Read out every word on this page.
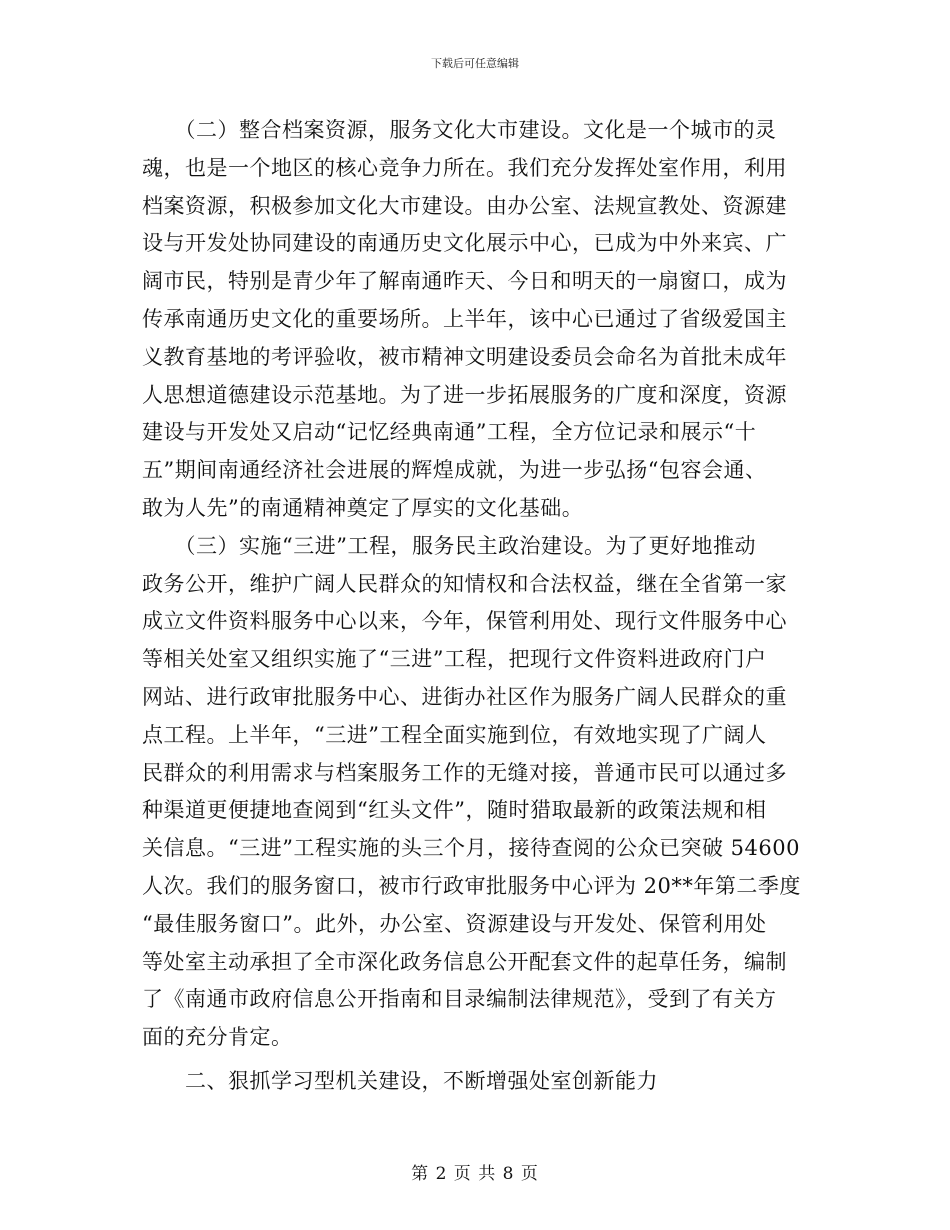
下载后可任意编辑
　　（二）整合档案资源，服务文化大市建设。文化是一个城市的灵
魂，也是一个地区的核心竞争力所在。我们充分发挥处室作用，利用
档案资源，积极参加文化大市建设。由办公室、法规宣教处、资源建
设与开发处协同建设的南通历史文化展示中心，已成为中外来宾、广
阔市民，特别是青少年了解南通昨天、今日和明天的一扇窗口，成为
传承南通历史文化的重要场所。上半年，该中心已通过了省级爱国主
义教育基地的考评验收，被市精神文明建设委员会命名为首批未成年
人思想道德建设示范基地。为了进一步拓展服务的广度和深度，资源
建设与开发处又启动“记忆经典南通”工程，全方位记录和展示“十
五”期间南通经济社会进展的辉煌成就，为进一步弘扬“包容会通、
敢为人先”的南通精神奠定了厚实的文化基础。
　　（三）实施“三进”工程，服务民主政治建设。为了更好地推动
政务公开，维护广阔人民群众的知情权和合法权益，继在全省第一家
成立文件资料服务中心以来，今年，保管利用处、现行文件服务中心
等相关处室又组织实施了“三进”工程，把现行文件资料进政府门户
网站、进行政审批服务中心、进街办社区作为服务广阔人民群众的重
点工程。上半年，“三进”工程全面实施到位，有效地实现了广阔人
民群众的利用需求与档案服务工作的无缝对接，普通市民可以通过多
种渠道更便捷地查阅到“红头文件”，随时猎取最新的政策法规和相
关信息。“三进”工程实施的头三个月，接待查阅的公众已突破 54600
人次。我们的服务窗口，被市行政审批服务中心评为 20**年第二季度
“最佳服务窗口”。此外，办公室、资源建设与开发处、保管利用处
等处室主动承担了全市深化政务信息公开配套文件的起草任务，编制
了《南通市政府信息公开指南和目录编制法律规范》，受到了有关方
面的充分肯定。
　　二、狠抓学习型机关建设，不断增强处室创新能力
第 2 页 共 8 页
